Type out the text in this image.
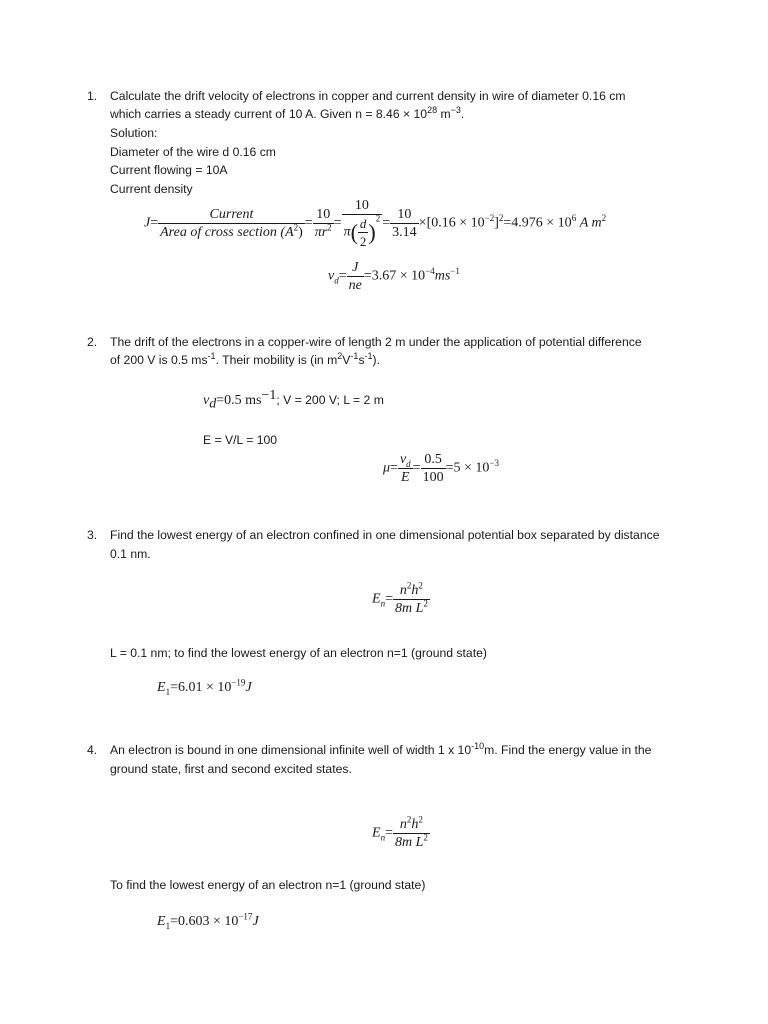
1. Calculate the drift velocity of electrons in copper and current density in wire of diameter 0.16 cm
which carries a steady current of 10 A. Given $n = 8.46 \times 10^{28}$ $m^{-3}$.
Solution:
Diameter of the wire d 0.16 cm
Current flowing = 10A
Current density
$J= \frac{\text{Current}}{Area of cross section (A^2)} = \frac{10}{\pi r^2} = \frac{10}{\pi( \frac{d}{2} )^2} = \frac{10}{3.14} \times[0.16 \times 10^{-2}]^2=4.976 \times 10^6$ A $m^2$
$v_d= \frac{J}{ne} =3.67 \times 10^{-4}ms^{-1}$
2. The drift of the electrons in a copper-wire of length 2 m under the application of potential difference
of 200 V is 0.5 $ms^{-1}$. Their mobility is (in $m^2V^{-1}s^{-1}$).
$v_d=0.5$ $ms^{-1}$; V = 200 V; L = 2 m
E = V/L = 100
$\mu= \frac{v_d}{E} = \frac{0.5}{100} =5 \times 10^{-3}$
3. Find the lowest energy of an electron confined in one dimensional potential box separated by distance
0.1 nm.
$E_n= \frac{n^2h^2}{8m L^2}$
L = 0.1 nm; to find the lowest energy of an electron n=1 (ground state)
$E_1=6.01 \times 10^{-19}J$
4. An electron is bound in one dimensional infinite well of width 1 x $10^{-10}m$. Find the energy value in the
ground state, first and second excited states.
$E_n= \frac{n^2h^2}{8m L^2}$
To find the lowest energy of an electron n=1 (ground state)
$E_1=0.603 \times 10^{-17}J$
